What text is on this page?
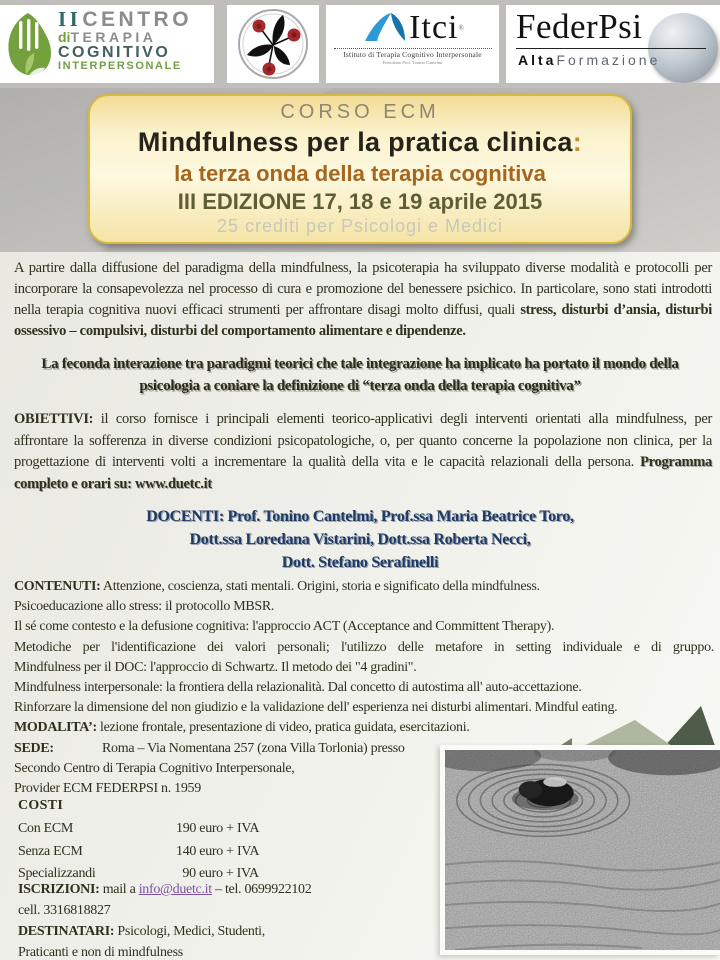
IICENTRO
diTERAPIA
COGNITIVO
INTERPERSONALE
Itci ®
Istituto di Terapia Cognitivo Interpersonale
Presidente Prof. Tonino Cantelmi
FederPsi
AltaFormazione
CORSO ECM
Mindfulness per la pratica clinica:
la terza onda della terapia cognitiva
III EDIZIONE 17, 18 e 19 aprile 2015
25 crediti per Psicologi e Medici
A partire dalla diffusione del paradigma della mindfulness, la psicoterapia ha sviluppato diverse modalità e protocolli per incorporare la consapevolezza nel processo di cura e promozione del benessere psichico. In particolare, sono stati introdotti nella terapia cognitiva nuovi efficaci strumenti per affrontare disagi molto diffusi, quali stress, disturbi d’ansia, disturbi ossessivo – compulsivi, disturbi del comportamento alimentare e dipendenze.
La feconda interazione tra paradigmi teorici che tale integrazione ha implicato ha portato il mondo della psicologia a coniare la definizione di “terza onda della terapia cognitiva”
OBIETTIVI: il corso fornisce i principali elementi teorico-applicativi degli interventi orientati alla mindfulness, per affrontare la sofferenza in diverse condizioni psicopatologiche, o, per quanto concerne la popolazione non clinica, per la progettazione di interventi volti a incrementare la qualità della vita e le capacità relazionali della persona. Programma completo e orari su: www.duetc.it
DOCENTI: Prof. Tonino Cantelmi, Prof.ssa Maria Beatrice Toro,
Dott.ssa Loredana Vistarini, Dott.ssa Roberta Necci,
Dott. Stefano Serafinelli
CONTENUTI: Attenzione, coscienza, stati mentali. Origini, storia e significato della mindfulness.
Psicoeducazione allo stress: il protocollo MBSR.
Il sé come contesto e la defusione cognitiva: l'approccio ACT (Acceptance and Committent Therapy).
Metodiche per l'identificazione dei valori personali; l'utilizzo delle metafore in setting individuale e di gruppo.
Mindfulness per il DOC: l'approccio di Schwartz. Il metodo dei "4 gradini".
Mindfulness interpersonale: la frontiera della relazionalità. Dal concetto di autostima all' auto-accettazione.
Rinforzare la dimensione del non giudizio e la validazione dell' esperienza nei disturbi alimentari. Mindful eating.
MODALITA’: lezione frontale, presentazione di video, pratica guidata, esercitazioni.
SEDE:	Roma – Via Nomentana 257 (zona Villa Torlonia) presso
Secondo Centro di Terapia Cognitivo Interpersonale,
Provider ECM FEDERPSI n. 1959
COSTI
Con ECM	190 euro + IVA
Senza ECM	140 euro + IVA
Specializzandi	90 euro + IVA
ISCRIZIONI: mail a info@duetc.it – tel. 0699922102
cell. 3316818827
DESTINATARI: Psicologi, Medici, Studenti,
Praticanti e non di mindfulness
